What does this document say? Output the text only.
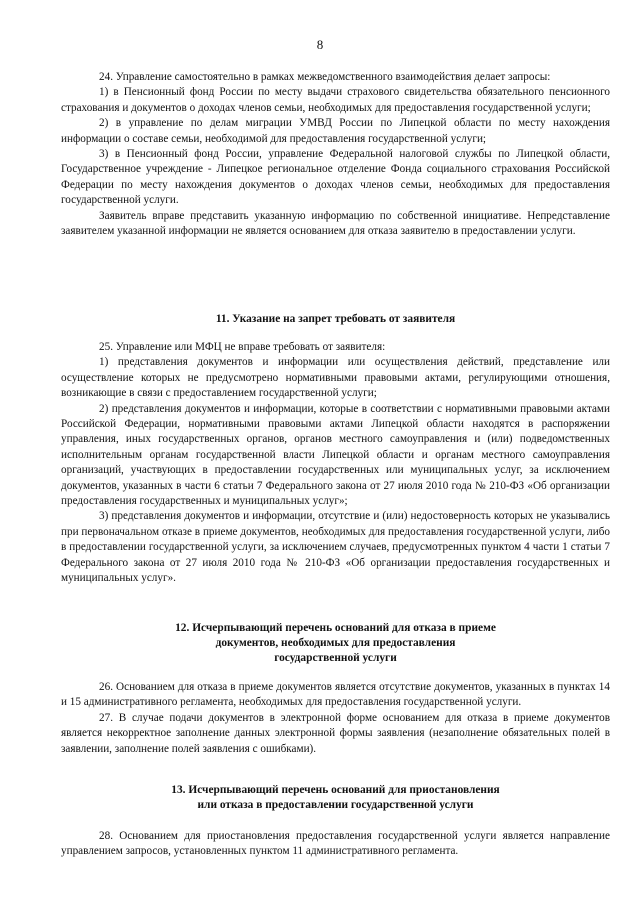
8

24. Управление самостоятельно в рамках межведомственного взаимодействия делает запросы:

1) в Пенсионный фонд России по месту выдачи страхового свидетельства обязательного пенсионного страхования и документов о доходах членов семьи, необходимых для предоставления государственной услуги;

2) в управление по делам миграции УМВД России по Липецкой области по месту нахождения информации о составе семьи, необходимой для предоставления государственной услуги;

3) в Пенсионный фонд России, управление Федеральной налоговой службы по Липецкой области, Государственное учреждение - Липецкое региональное отделение Фонда социального страхования Российской Федерации по месту нахождения документов о доходах членов семьи, необходимых для предоставления государственной услуги.

Заявитель вправе представить указанную информацию по собственной инициативе. Непредставление заявителем указанной информации не является основанием для отказа заявителю в предоставлении услуги.

11. Указание на запрет требовать от заявителя

25. Управление или МФЦ не вправе требовать от заявителя:

1) представления документов и информации или осуществления действий, представление или осуществление которых не предусмотрено нормативными правовыми актами, регулирующими отношения, возникающие в связи с предоставлением государственной услуги;

2) представления документов и информации, которые в соответствии с нормативными правовыми актами Российской Федерации, нормативными правовыми актами Липецкой области находятся в распоряжении управления, иных государственных органов, органов местного самоуправления и (или) подведомственных исполнительным органам государственной власти Липецкой области и органам местного самоуправления организаций, участвующих в предоставлении государственных или муниципальных услуг, за исключением документов, указанных в части 6 статьи 7 Федерального закона от 27 июля 2010 года № 210-ФЗ «Об организации предоставления государственных и муниципальных услуг»;

3) представления документов и информации, отсутствие и (или) недостоверность которых не указывались при первоначальном отказе в приеме документов, необходимых для предоставления государственной услуги, либо в предоставлении государственной услуги, за исключением случаев, предусмотренных пунктом 4 части 1 статьи 7 Федерального закона от 27 июля 2010 года № 210-ФЗ «Об организации предоставления государственных и муниципальных услуг».

12. Исчерпывающий перечень оснований для отказа в приеме
документов, необходимых для предоставления
государственной услуги

26. Основанием для отказа в приеме документов является отсутствие документов, указанных в пунктах 14 и 15 административного регламента, необходимых для предоставления государственной услуги.

27. В случае подачи документов в электронной форме основанием для отказа в приеме документов является некорректное заполнение данных электронной формы заявления (незаполнение обязательных полей в заявлении, заполнение полей заявления с ошибками).

13. Исчерпывающий перечень оснований для приостановления
или отказа в предоставлении государственной услуги

28. Основанием для приостановления предоставления государственной услуги является направление управлением запросов, установленных пунктом 11 административного регламента.
